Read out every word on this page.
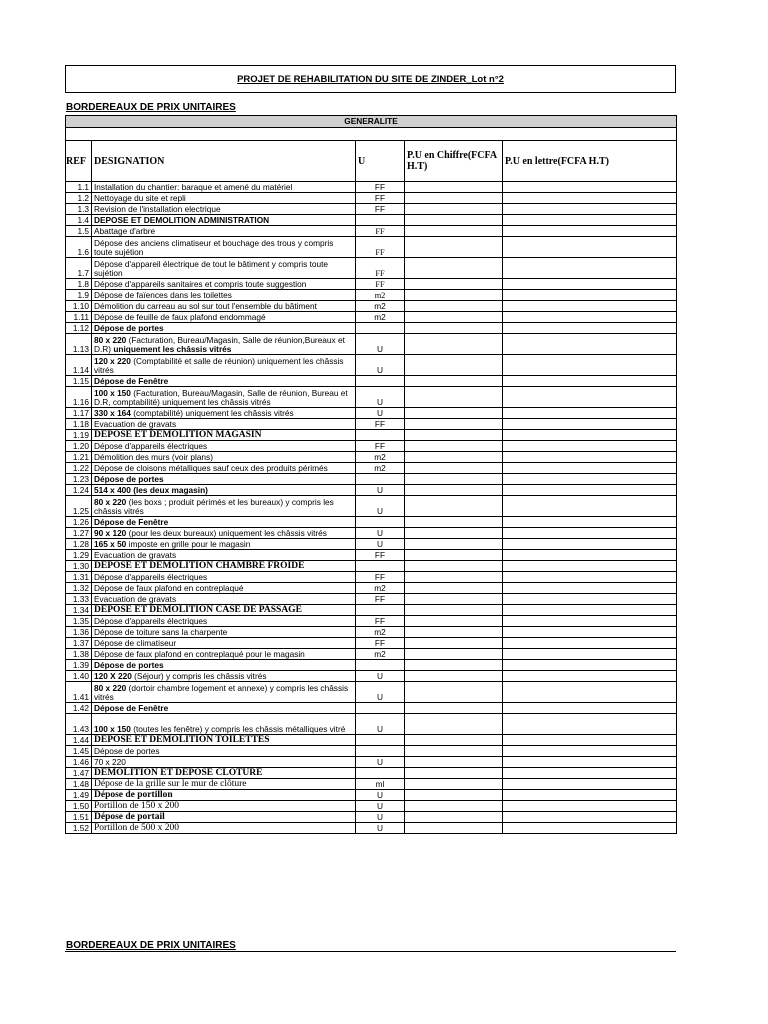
PROJET DE REHABILITATION DU SITE DE ZINDER_Lot n°2
BORDEREAUX DE PRIX UNITAIRES
GENERALITE				

REF	DESIGNATION	U	P.U en Chiffre(FCFA H.T)	P.U en lettre(FCFA H.T)
1.1	Installation du chantier: baraque et amené du matériel	FF		
1.2	Nettoyage du site et repli	FF		
1.3	Revision de l'installation electrique	FF		
1.4	DEPOSE ET DEMOLITION ADMINISTRATION			
1.5	Abattage d'arbre	FF		
1.6	Dépose des anciens climatiseur et bouchage des trous y compris toute sujétion	FF		
1.7	Dépose d'appareil électrique de tout le bâtiment y compris toute sujétion	FF		
1.8	Dépose d'appareils sanitaires et compris toute suggestion	FF		
1.9	Dépose de faïences dans les toilettes	m2		
1.10	Démolition du carreau au sol sur tout l'ensemble du bâtiment	m2		
1.11	Dépose de feuille de faux plafond endommagé	m2		
1.12	Dépose de portes			
1.13	80 x 220 (Facturation, Bureau/Magasin, Salle de réunion,Bureaux et D.R) uniquement les châssis vitrés	U		
1.14	120 x 220 (Comptabilité et salle de réunion) uniquement les châssis vitrés	U		
1.15	Dépose de Fenêtre			
1.16	100 x 150 (Facturation, Bureau/Magasin, Salle de réunion, Bureau et D.R, comptabilité) uniquement les châssis vitrés	U		
1.17	330 x 164 (comptabilité) uniquement les châssis vitrés	U		
1.18	Evacuation de gravats	FF		
1.19	DEPOSE ET DEMOLITION MAGASIN			
1.20	Dépose d'appareils électriques	FF		
1.21	Démolition des murs (voir plans)	m2		
1.22	Dépose de cloisons métalliques sauf ceux des produits périmés	m2		
1.23	Dépose de portes			
1.24	514 x 400 (les deux magasin)	U		
1.25	80 x 220 (les boxs ; produit périmés et les bureaux) y compris les châssis vitrés	U		
1.26	Dépose de Fenêtre			
1.27	90 x 120 (pour les deux bureaux) uniquement les châssis vitrés	U		
1.28	165 x 50 imposte en grille pour le magasin	U		
1.29	Evacuation de gravats	FF		
1.30	DEPOSE ET DEMOLITION CHAMBRE FROIDE			
1.31	Dépose d'appareils électriques	FF		
1.32	Dépose de faux plafond en contreplaqué	m2		
1.33	Evacuation de gravats	FF		
1.34	DEPOSE ET DEMOLITION CASE DE PASSAGE			
1.35	Dépose d'appareils électriques	FF		
1.36	Dépose de toiture sans la charpente	m2		
1.37	Dépose de climatiseur	FF		
1.38	Dépose de faux plafond en contreplaqué pour le magasin	m2		
1.39	Dépose de portes			
1.40	120 X 220 (Séjour) y compris les châssis vitrés	U		
1.41	80 x 220 (dortoir chambre logement et annexe) y compris les châssis vitrés	U		
1.42	Dépose de Fenêtre			
1.43	100 x 150 (toutes les fenêtre) y compris les châssis métalliques vitré	U		
1.44	DEPOSE ET DEMOLITION TOILETTES			
1.45	Dépose de portes			
1.46	70 x 220	U		
1.47	DEMOLITION ET DEPOSE CLOTURE			
1.48	Dépose de la grille sur le mur de clôture	ml		
1.49	Dépose de portillon	U		
1.50	Portillon de 150 x 200	U		
1.51	Dépose de portail	U		
1.52	Portillon de 500 x 200	U		
BORDEREAUX DE PRIX UNITAIRES
